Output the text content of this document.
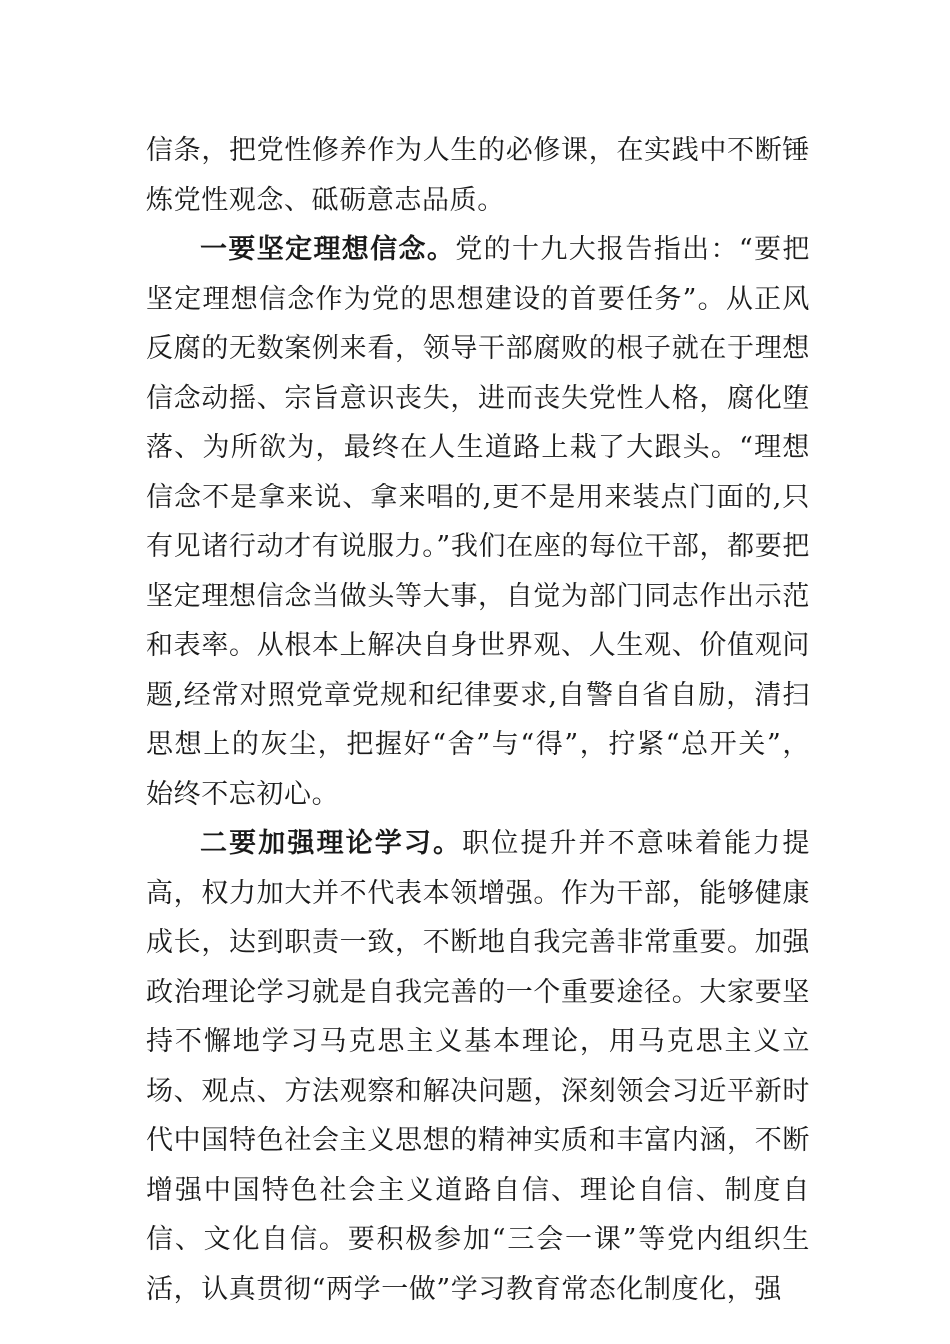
信条，把党性修养作为人生的必修课，在实践中不断锤炼党性观念、砥砺意志品质。

一要坚定理想信念。党的十九大报告指出：“要把坚定理想信念作为党的思想建设的首要任务”。从正风反腐的无数案例来看，领导干部腐败的根子就在于理想信念动摇、宗旨意识丧失，进而丧失党性人格，腐化堕落、为所欲为，最终在人生道路上栽了大跟头。“理想信念不是拿来说、拿来唱的,更不是用来装点门面的,只有见诸行动才有说服力。”我们在座的每位干部，都要把坚定理想信念当做头等大事，自觉为部门同志作出示范和表率。从根本上解决自身世界观、人生观、价值观问题,经常对照党章党规和纪律要求,自警自省自励，清扫思想上的灰尘，把握好“舍”与“得”，拧紧“总开关”，始终不忘初心。

二要加强理论学习。职位提升并不意味着能力提高，权力加大并不代表本领增强。作为干部，能够健康成长，达到职责一致，不断地自我完善非常重要。加强政治理论学习就是自我完善的一个重要途径。大家要坚持不懈地学习马克思主义基本理论，用马克思主义立场、观点、方法观察和解决问题，深刻领会习近平新时代中国特色社会主义思想的精神实质和丰富内涵，不断增强中国特色社会主义道路自信、理论自信、制度自信、文化自信。要积极参加“三会一课”等党内组织生活，认真贯彻“两学一做”学习教育常态化制度化，强
